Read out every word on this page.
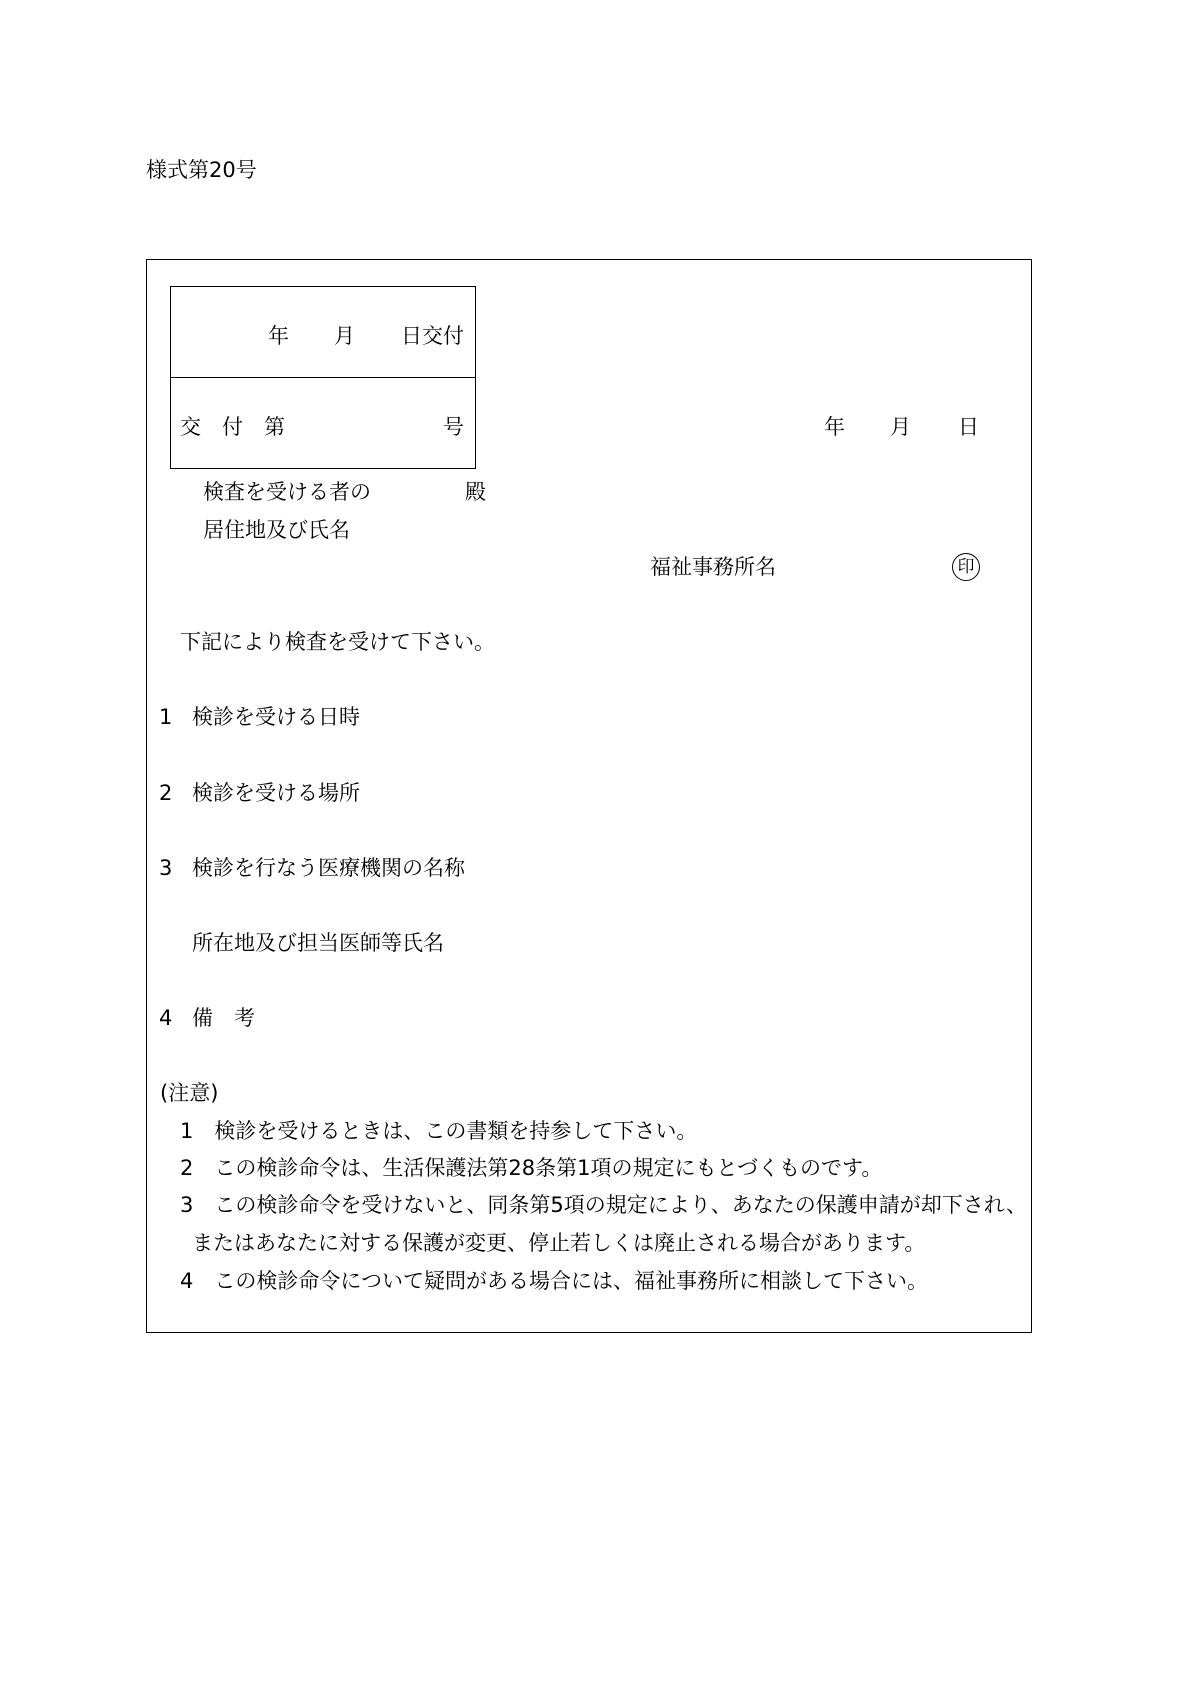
様式第20号
年 月 日交付
交　付　第	号	年 月 日
検査を受ける者の	殿
居住地及び氏名
福祉事務所名	印
下記により検査を受けて下さい。
1 検診を受ける日時
2 検診を受ける場所
3 検診を行なう医療機関の名称
所在地及び担当医師等氏名
4 備　考
(注意)
1　検診を受けるときは、この書類を持参して下さい。
2　この検診命令は、生活保護法第28条第1項の規定にもとづくものです。
3　この検診命令を受けないと、同条第5項の規定により、あなたの保護申請が却下され、
またはあなたに対する保護が変更、停止若しくは廃止される場合があります。
4　この検診命令について疑問がある場合には、福祉事務所に相談して下さい。
